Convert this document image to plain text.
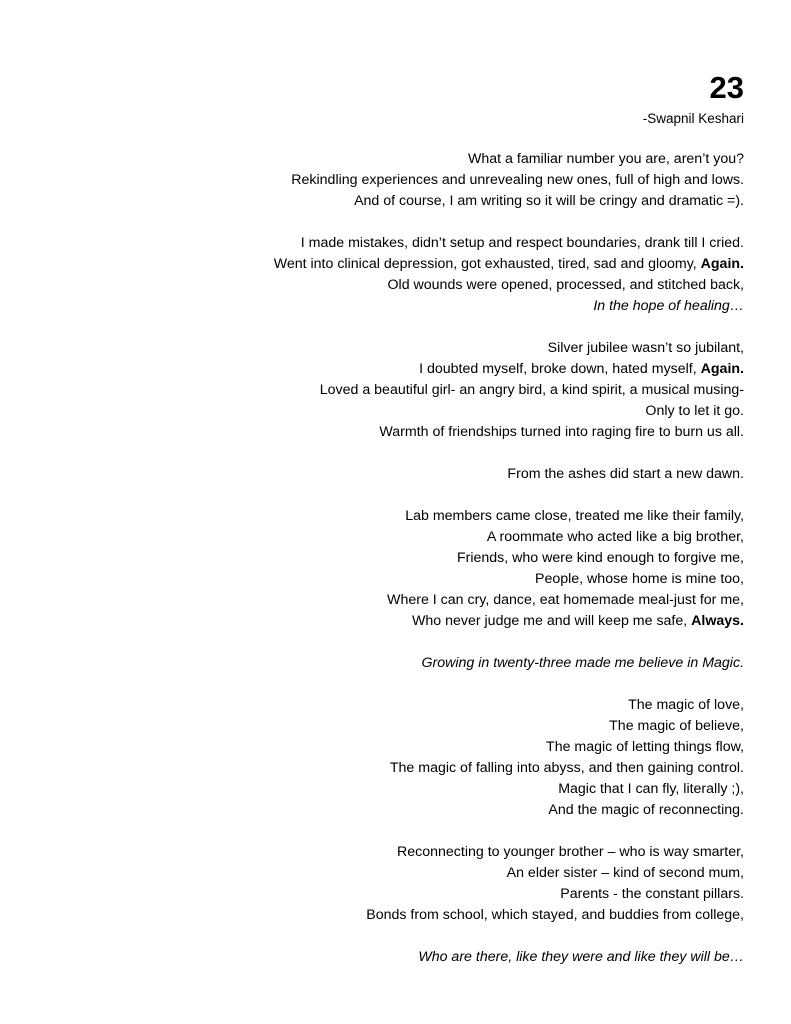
23
-Swapnil Keshari
What a familiar number you are, aren’t you?
Rekindling experiences and unrevealing new ones, full of high and lows.
And of course, I am writing so it will be cringy and dramatic =).
I made mistakes, didn’t setup and respect boundaries, drank till I cried.
Went into clinical depression, got exhausted, tired, sad and gloomy, Again.
Old wounds were opened, processed, and stitched back,
In the hope of healing…
Silver jubilee wasn’t so jubilant,
I doubted myself, broke down, hated myself, Again.
Loved a beautiful girl- an angry bird, a kind spirit, a musical musing-
Only to let it go.
Warmth of friendships turned into raging fire to burn us all.
From the ashes did start a new dawn.
Lab members came close, treated me like their family,
A roommate who acted like a big brother,
Friends, who were kind enough to forgive me,
People, whose home is mine too,
Where I can cry, dance, eat homemade meal-just for me,
Who never judge me and will keep me safe, Always.
Growing in twenty-three made me believe in Magic.
The magic of love,
The magic of believe,
The magic of letting things flow,
The magic of falling into abyss, and then gaining control.
Magic that I can fly, literally ;),
And the magic of reconnecting.
Reconnecting to younger brother – who is way smarter,
An elder sister – kind of second mum,
Parents - the constant pillars.
Bonds from school, which stayed, and buddies from college,
Who are there, like they were and like they will be…
